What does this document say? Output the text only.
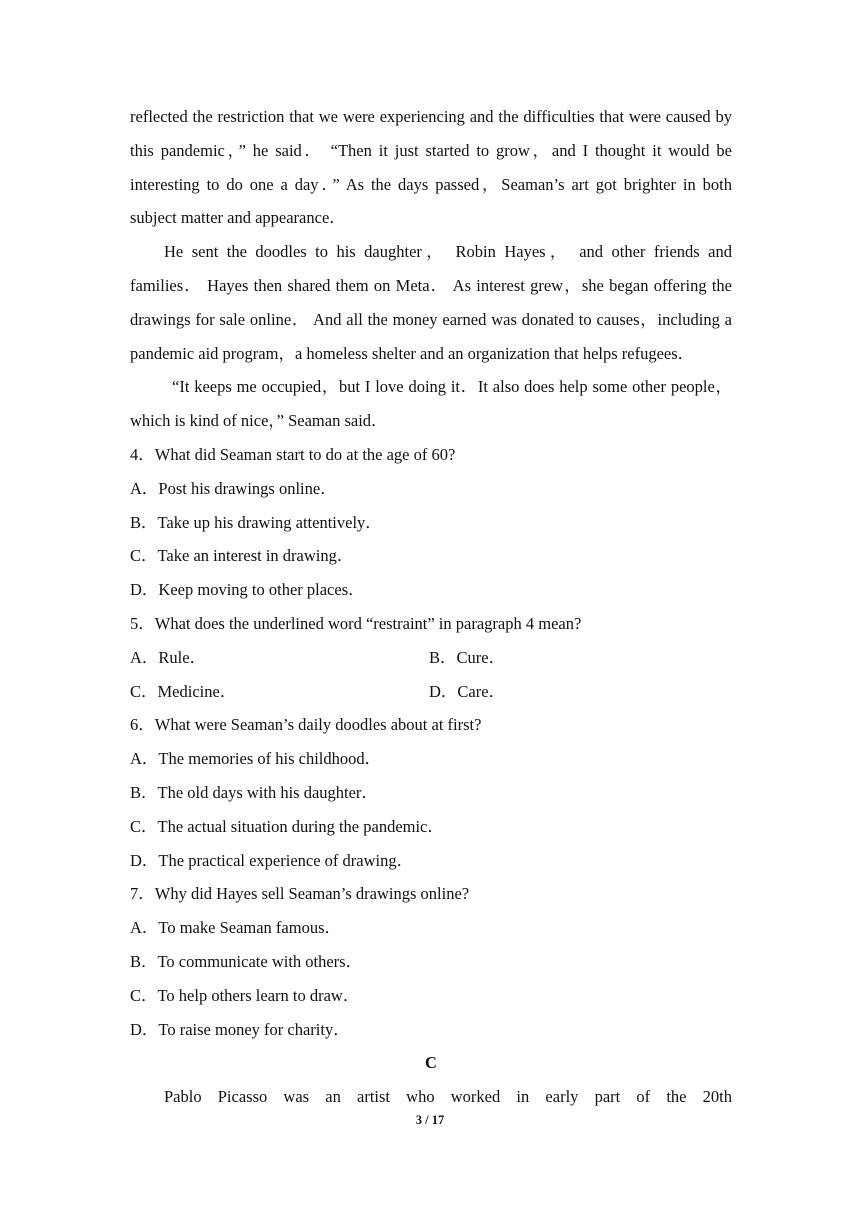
reflected the restriction that we were experiencing and the difficulties that were caused by this pandemic，” he said． “Then it just started to grow，and I thought it would be interesting to do one a day．” As the days passed，Seaman’s art got brighter in both subject matter and appearance．

He sent the doodles to his daughter， Robin Hayes， and other friends and families． Hayes then shared them on Meta． As interest grew，she began offering the drawings for sale online． And all the money earned was donated to causes，including a pandemic aid program，a homeless shelter and an organization that helps refugees．

“It keeps me occupied，but I love doing it．It also does help some other people，which is kind of nice，” Seaman said．

4．What did Seaman start to do at the age of 60?

A．Post his drawings online．

B．Take up his drawing attentively．

C．Take an interest in drawing．

D．Keep moving to other places．

5．What does the underlined word “restraint” in paragraph 4 mean?

A．Rule．	B．Cure．
C．Medicine．	D．Care．

6．What were Seaman’s daily doodles about at first?

A．The memories of his childhood．

B．The old days with his daughter．

C．The actual situation during the pandemic．

D．The practical experience of drawing．

7．Why did Hayes sell Seaman’s drawings online?

A．To make Seaman famous．

B．To communicate with others．

C．To help others learn to draw．

D．To raise money for charity．

C

Pablo Picasso was an artist who worked in early part of the 20th

3 / 17
